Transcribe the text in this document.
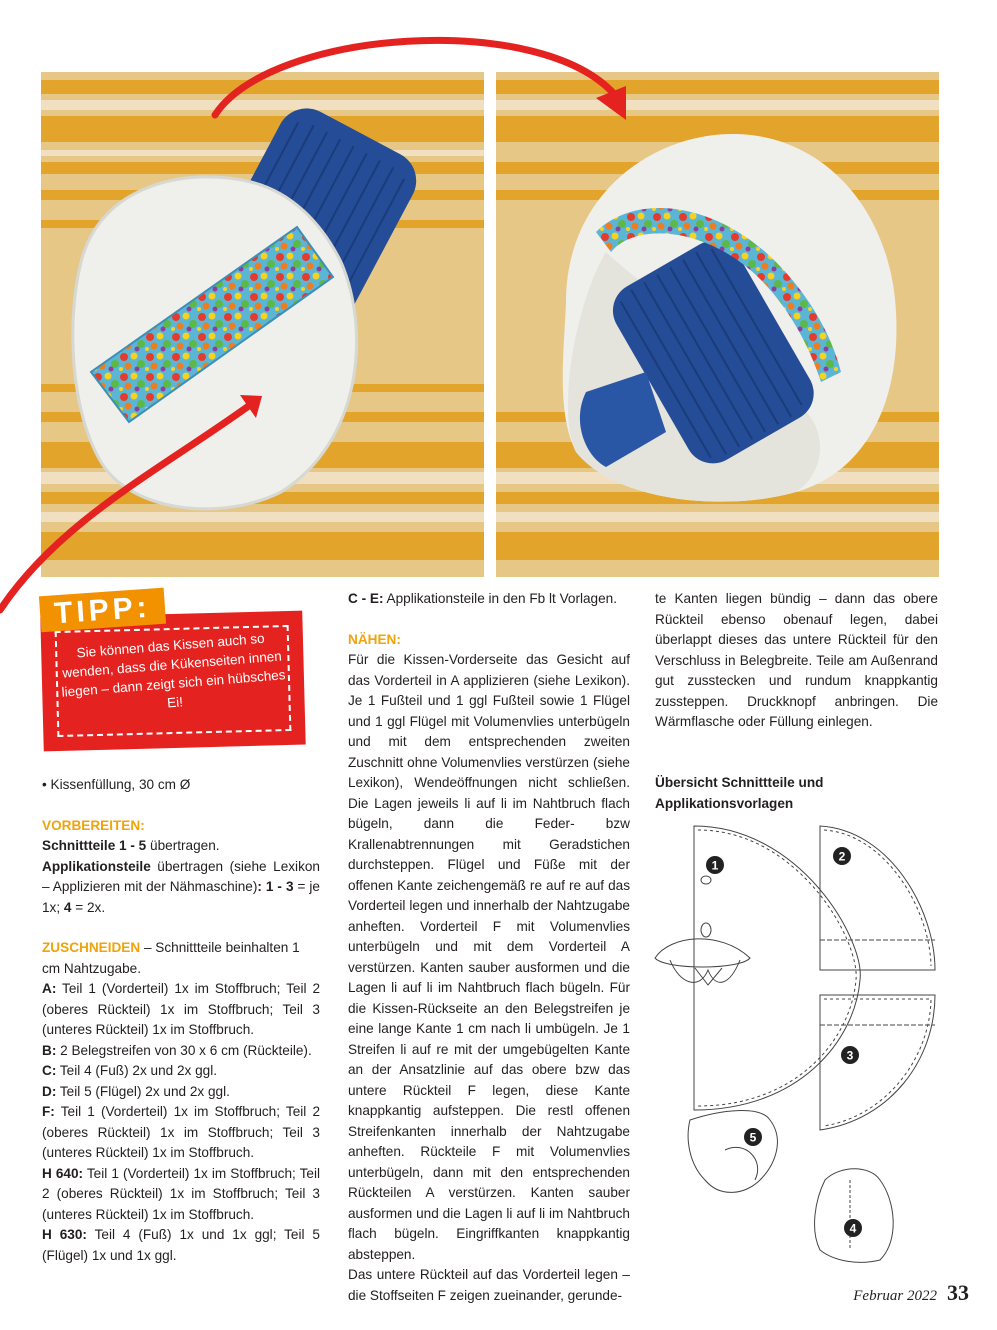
Sie können das Kissen auch so wenden, dass die Kükenseiten innen liegen – dann zeigt sich ein hübsches Ei!
TIPP:

• Kissenfüllung, 30 cm Ø

VORBEREITEN:

Schnittteile 1 - 5 übertragen.

Applikationsteile übertragen (siehe Lexikon – Applizieren mit der Nähmaschine): 1 - 3 = je 1x; 4 = 2x.

ZUSCHNEIDEN – Schnittteile beinhalten 1 cm Nahtzugabe.

A: Teil 1 (Vorderteil) 1x im Stoffbruch; Teil 2 (oberes Rückteil) 1x im Stoffbruch; Teil 3 (unteres Rückteil) 1x im Stoffbruch.

B: 2 Belegstreifen von 30 x 6 cm (Rückteile).

C: Teil 4 (Fuß) 2x und 2x ggl.

D: Teil 5 (Flügel) 2x und 2x ggl.

F: Teil 1 (Vorderteil) 1x im Stoffbruch; Teil 2 (oberes Rückteil) 1x im Stoffbruch; Teil 3 (unteres Rückteil) 1x im Stoffbruch.

H 640: Teil 1 (Vorderteil) 1x im Stoffbruch; Teil 2 (oberes Rückteil) 1x im Stoffbruch; Teil 3 (unteres Rückteil) 1x im Stoffbruch.

H 630: Teil 4 (Fuß) 1x und 1x ggl; Teil 5 (Flügel) 1x und 1x ggl.

C - E: Applikationsteile in den Fb lt Vorlagen.

NÄHEN:

Für die Kissen-Vorderseite das Gesicht auf das Vorderteil in A applizieren (siehe Lexikon). Je 1 Fußteil und 1 ggl Fußteil sowie 1 Flügel und 1 ggl Flügel mit Volumenvlies unterbügeln und mit dem entsprechenden zweiten Zuschnitt ohne Volumenvlies verstürzen (siehe Lexikon), Wendeöffnungen nicht schließen. Die Lagen jeweils li auf li im Nahtbruch flach bügeln, dann die Feder- bzw Krallenabtrennungen mit Geradstichen durchsteppen. Flügel und Füße mit der offenen Kante zeichengemäß re auf re auf das Vorderteil legen und innerhalb der Nahtzugabe anheften. Vorderteil F mit Volumenvlies unterbügeln und mit dem Vorderteil A verstürzen. Kanten sauber ausformen und die Lagen li auf li im Nahtbruch flach bügeln. Für die Kissen-Rückseite an den Belegstreifen je eine lange Kante 1 cm nach li umbügeln. Je 1 Streifen li auf re mit der umgebügelten Kante an der Ansatzlinie auf das obere bzw das untere Rückteil F legen, diese Kante knappkantig aufsteppen. Die restl offenen Streifenkanten innerhalb der Nahtzugabe anheften. Rückteile F mit Volumenvlies unterbügeln, dann mit den entsprechenden Rückteilen A verstürzen. Kanten sauber ausformen und die Lagen li auf li im Nahtbruch flach bügeln. Eingriffkanten knappkantig absteppen.

Das untere Rückteil auf das Vorderteil legen – die Stoffseiten F zeigen zueinander, gerunde-

te Kanten liegen bündig – dann das obere Rückteil ebenso obenauf legen, dabei überlappt dieses das untere Rückteil für den Verschluss in Belegbreite. Teile am Außenrand gut zusstecken und rundum knappkantig zussteppen. Druckknopf anbringen. Die Wärmflasche oder Füllung einlegen.

Übersicht Schnittteile und
Applikationsvorlagen
1
2
3
4
5
Februar 2022 33
